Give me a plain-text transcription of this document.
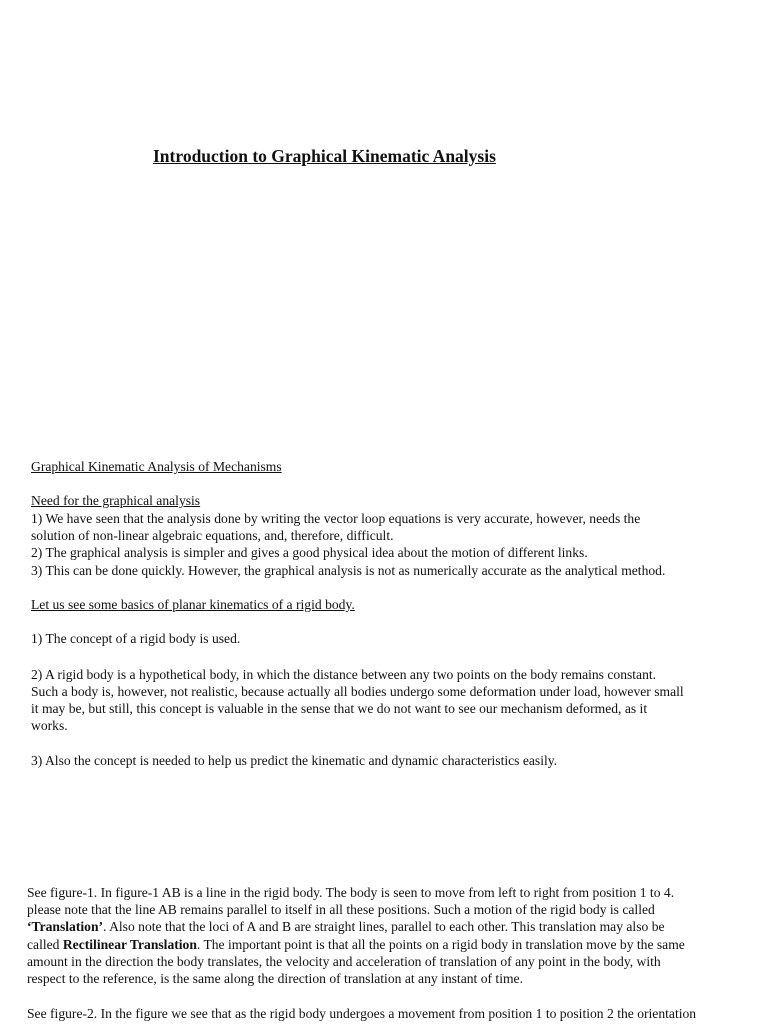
Introduction to Graphical Kinematic Analysis
Graphical Kinematic Analysis of Mechanisms
Need for the graphical analysis
1) We have seen that the analysis done by writing the vector loop equations is very accurate, however, needs the
solution of non-linear algebraic equations, and, therefore, difficult.
2) The graphical analysis is simpler and gives a good physical idea about the motion of different links.
3) This can be done quickly. However, the graphical analysis is not as numerically accurate as the analytical method.
Let us see some basics of planar kinematics of a rigid body.
1) The concept of a rigid body is used.
2) A rigid body is a hypothetical body, in which the distance between any two points on the body remains constant.
Such a body is, however, not realistic, because actually all bodies undergo some deformation under load, however small
it may be, but still, this concept is valuable in the sense that we do not want to see our mechanism deformed, as it
works.
3) Also the concept is needed to help us predict the kinematic and dynamic characteristics easily.

See figure-1. In figure-1 AB is a line in the rigid body. The body is seen to move from left to right from position 1 to 4.

please note that the line AB remains parallel to itself in all these positions. Such a motion of the rigid body is called

‘Translation’. Also note that the loci of A and B are straight lines, parallel to each other. This translation may also be

called Rectilinear Translation. The important point is that all the points on a rigid body in translation move by the same

amount in the direction the body translates, the velocity and acceleration of translation of any point in the body, with

respect to the reference, is the same along the direction of translation at any instant of time.

See figure-2. In the figure we see that as the rigid body undergoes a movement from position 1 to position 2 the orientation
